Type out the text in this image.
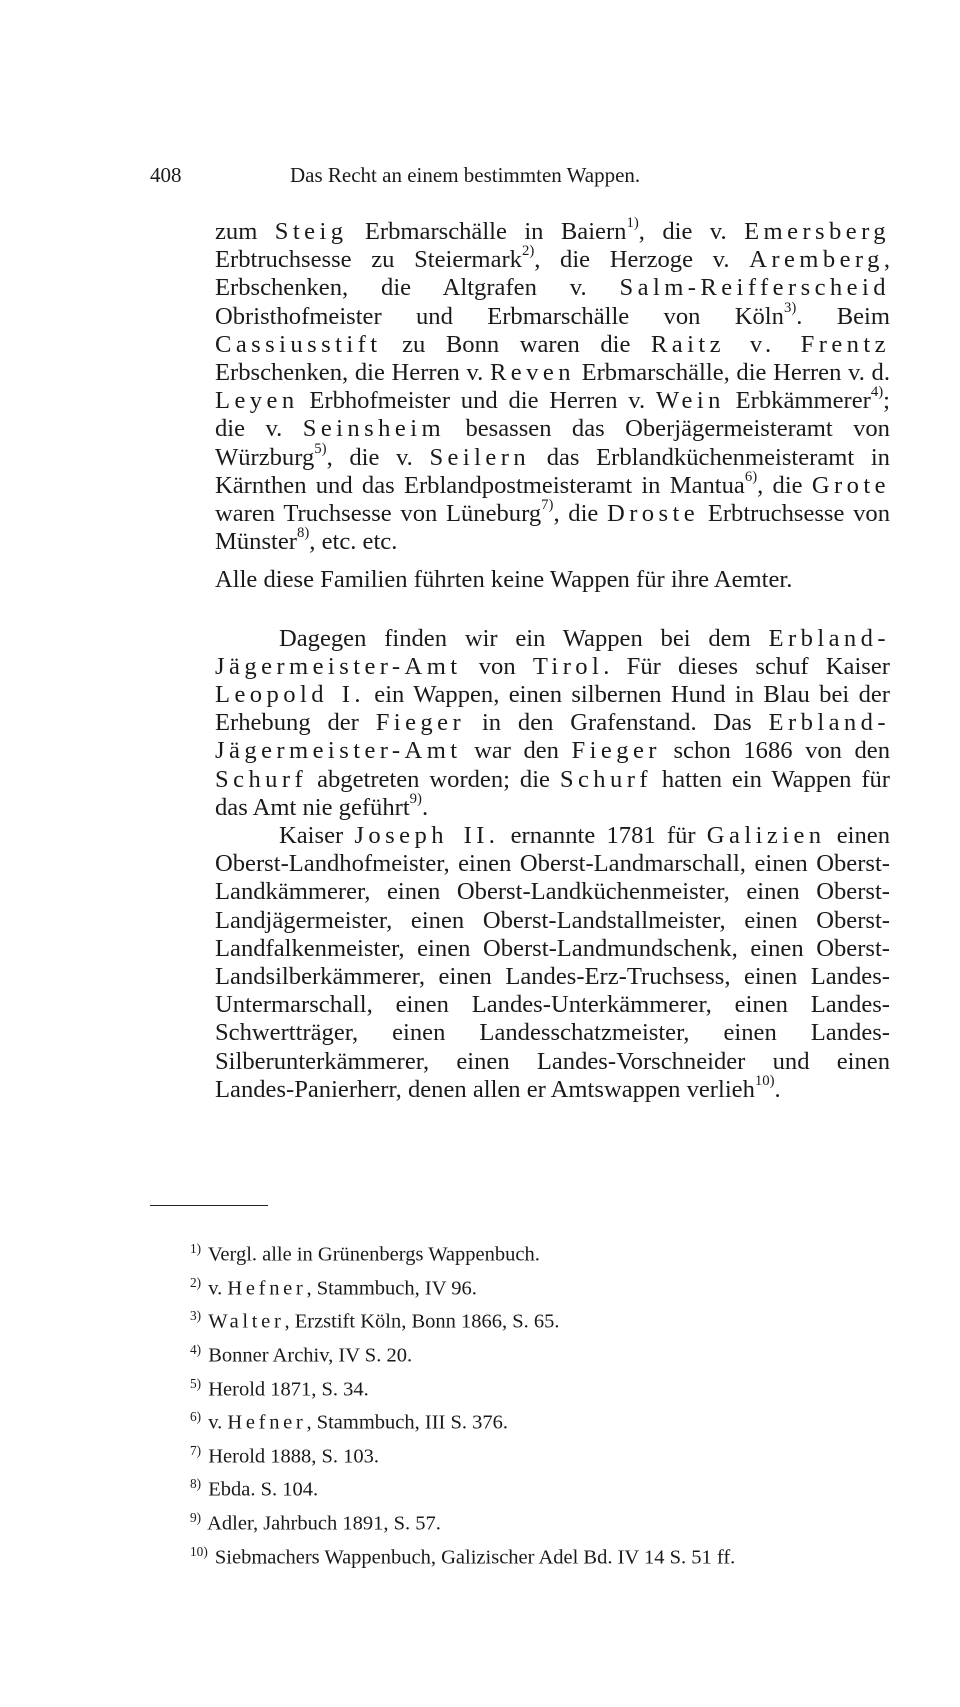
408	Das Recht an einem bestimmten Wappen.

zum Steig Erbmarschälle in Baiern$^{1)}$, die v. Emersberg Erbtruchsesse zu Steiermark$^{2)}$, die Herzoge v. Aremberg, Erbschenken, die Altgrafen v. Salm-Reifferscheid Obristhofmeister und Erbmarschälle von Köln$^{3)}$. Beim Cassiusstift zu Bonn waren die Raitz v. Frentz Erbschenken, die Herren v. Reven Erbmarschälle, die Herren v. d. Leyen Erbhofmeister und die Herren v. Wein Erbkämmerer$^{4)}$; die v. Seinsheim besassen das Oberjägermeisteramt von Würzburg$^{5)}$, die v. Seilern das Erblandküchenmeisteramt in Kärnthen und das Erblandpostmeisteramt in Mantua$^{6)}$, die Grote waren Truchsesse von Lüneburg$^{7)}$, die Droste Erbtruchsesse von Münster$^{8)}$, etc. etc.

Alle diese Familien führten keine Wappen für ihre Aemter.

Dagegen finden wir ein Wappen bei dem Erbland-Jägermeister-Amt von Tirol. Für dieses schuf Kaiser Leopold I. ein Wappen, einen silbernen Hund in Blau bei der Erhebung der Fieger in den Grafenstand. Das Erbland-Jägermeister-Amt war den Fieger schon 1686 von den Schurf abgetreten worden; die Schurf hatten ein Wappen für das Amt nie geführt$^{9)}$.

Kaiser Joseph II. ernannte 1781 für Galizien einen Oberst-Landhofmeister, einen Oberst-Landmarschall, einen Oberst-Landkämmerer, einen Oberst-Landküchenmeister, einen Oberst-Landjägermeister, einen Oberst-Landstallmeister, einen Oberst-Landfalkenmeister, einen Oberst-Landmundschenk, einen Oberst-Landsilberkämmerer, einen Landes-Erz-Truchsess, einen Landes-Untermarschall, einen Landes-Unterkämmerer, einen Landes-Schwertträger, einen Landesschatzmeister, einen Landes-Silberunterkämmerer, einen Landes-Vorschneider und einen Landes-Panierherr, denen allen er Amtswappen verlieh$^{10)}$.

$^{1)}$ Vergl. alle in Grünenbergs Wappenbuch.
$^{2)}$ v. Hefner, Stammbuch, IV 96.
$^{3)}$ Walter, Erzstift Köln, Bonn 1866, S. 65.
$^{4)}$ Bonner Archiv, IV S. 20.
$^{5)}$ Herold 1871, S. 34.
$^{6)}$ v. Hefner, Stammbuch, III S. 376.
$^{7)}$ Herold 1888, S. 103.
$^{8)}$ Ebda. S. 104.
$^{9)}$ Adler, Jahrbuch 1891, S. 57.
$^{10)}$ Siebmachers Wappenbuch, Galizischer Adel Bd. IV 14 S. 51 ff.
